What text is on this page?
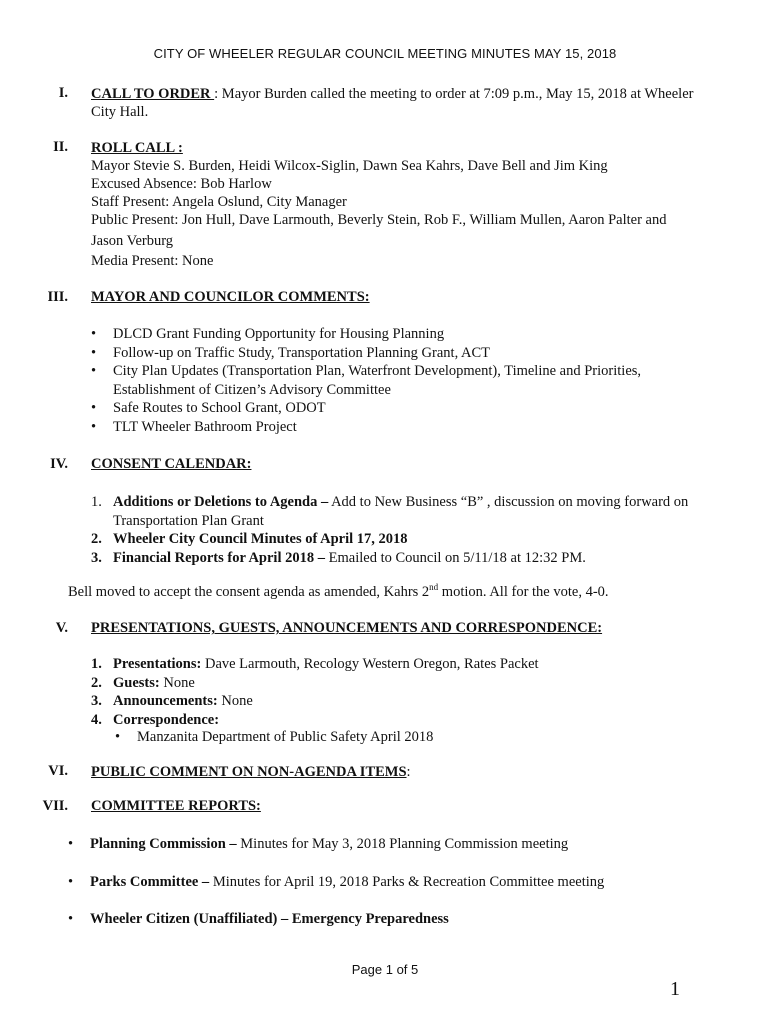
CITY OF WHEELER REGULAR COUNCIL MEETING MINUTES MAY 15, 2018
I. CALL TO ORDER : Mayor Burden called the meeting to order at 7:09 p.m., May 15, 2018 at Wheeler
City Hall.
II. ROLL CALL :
Mayor Stevie S. Burden, Heidi Wilcox-Siglin, Dawn Sea Kahrs, Dave Bell and Jim King
Excused Absence: Bob Harlow
Staff Present: Angela Oslund, City Manager
Public Present: Jon Hull, Dave Larmouth, Beverly Stein, Rob F., William Mullen, Aaron Palter and
Jason Verburg
Media Present: None
III. MAYOR AND COUNCILOR COMMENTS:
• DLCD Grant Funding Opportunity for Housing Planning
• Follow-up on Traffic Study, Transportation Planning Grant, ACT
• City Plan Updates (Transportation Plan, Waterfront Development), Timeline and Priorities,
Establishment of Citizen’s Advisory Committee
• Safe Routes to School Grant, ODOT
• TLT Wheeler Bathroom Project
IV. CONSENT CALENDAR:
1. Additions or Deletions to Agenda – Add to New Business “B” , discussion on moving forward on
Transportation Plan Grant
2. Wheeler City Council Minutes of April 17, 2018
3. Financial Reports for April 2018 – Emailed to Council on 5/11/18 at 12:32 PM.
Bell moved to accept the consent agenda as amended, Kahrs 2nd motion. All for the vote, 4-0.
V. PRESENTATIONS, GUESTS, ANNOUNCEMENTS AND CORRESPONDENCE:
1. Presentations: Dave Larmouth, Recology Western Oregon, Rates Packet
2. Guests: None
3. Announcements: None
4. Correspondence:
• Manzanita Department of Public Safety April 2018
VI. PUBLIC COMMENT ON NON-AGENDA ITEMS:
VII. COMMITTEE REPORTS:
• Planning Commission – Minutes for May 3, 2018 Planning Commission meeting
• Parks Committee – Minutes for April 19, 2018 Parks & Recreation Committee meeting
• Wheeler Citizen (Unaffiliated) – Emergency Preparedness
Page 1 of 5
1
